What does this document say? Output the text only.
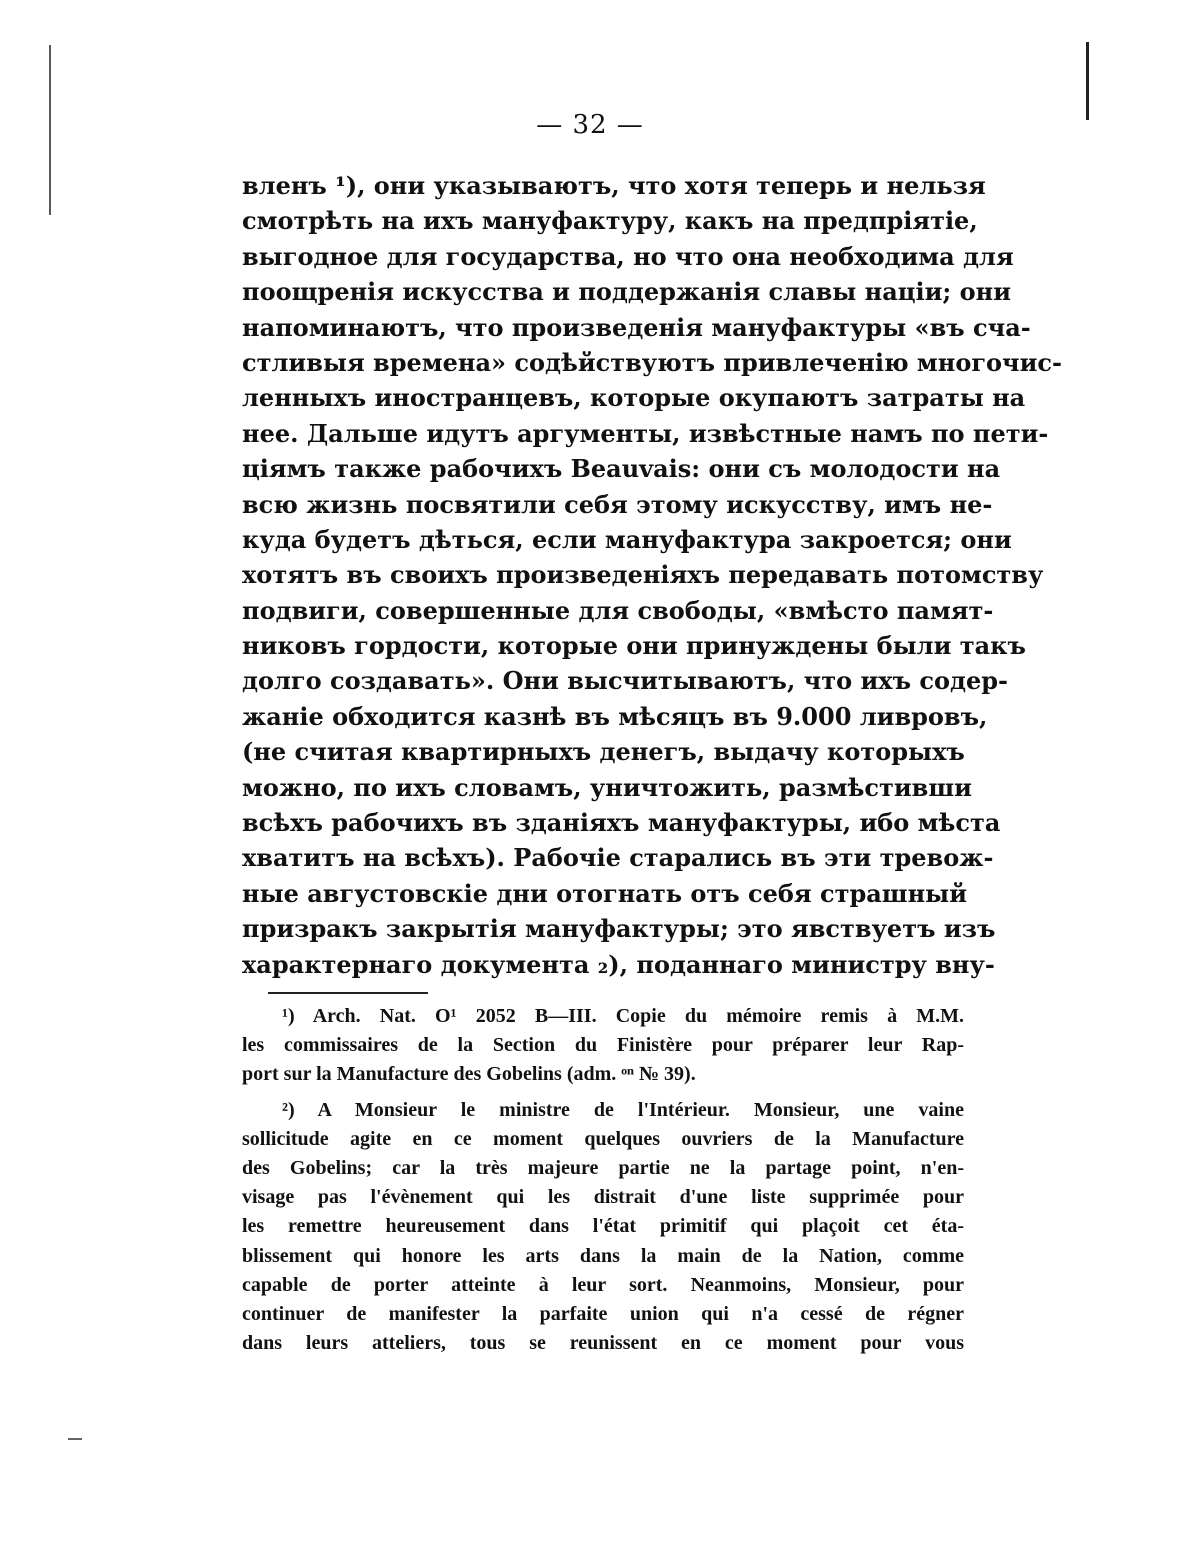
— 32 —
вленъ ¹), они указываютъ, что хотя теперь и нельзя
смотрѣть на ихъ мануфактуру, какъ на предпріятіе,
выгодное для государства, но что она необходима для
поощренія искусства и поддержанія славы націи; они
напоминаютъ, что произведенія мануфактуры «въ сча-
стливыя времена» содѣйствуютъ привлеченію многочис-
ленныхъ иностранцевъ, которые окупаютъ затраты на
нее. Дальше идутъ аргументы, извѣстные намъ по пети-
ціямъ также рабочихъ Beauvais: они съ молодости на
всю жизнь посвятили себя этому искусству, имъ не-
куда будетъ дѣться, если мануфактура закроется; они
хотятъ въ своихъ произведеніяхъ передавать потомству
подвиги, совершенные для свободы, «вмѣсто памят-
никовъ гордости, которые они принуждены были такъ
долго создавать». Они высчитываютъ, что ихъ содер-
жаніе обходится казнѣ въ мѣсяцъ въ 9.000 ливровъ,
(не считая квартирныхъ денегъ, выдачу которыхъ
можно, по ихъ словамъ, уничтожить, размѣстивши
всѣхъ рабочихъ въ зданіяхъ мануфактуры, ибо мѣста
хватитъ на всѣхъ). Рабочіе старались въ эти тревож-
ные августовскіе дни отогнать отъ себя страшный
призракъ закрытія мануфактуры; это явствуетъ изъ
характернаго документа ₂), поданнаго министру вну-
¹) Arch. Nat. O¹ 2052 B—III. Copie du mémoire remis à M.M.
les commissaires de la Section du Finistère pour préparer leur Rap-
port sur la Manufacture des Gobelins (adm. ᵒⁿ № 39).
²) A Monsieur le ministre de l'Intérieur. Monsieur, une vaine
sollicitude agite en ce moment quelques ouvriers de la Manufacture
des Gobelins; car la très majeure partie ne la partage point, n'en-
visage pas l'évènement qui les distrait d'une liste supprimée pour
les remettre heureusement dans l'état primitif qui plaçoit cet éta-
blissement qui honore les arts dans la main de la Nation, comme
capable de porter atteinte à leur sort. Neanmoins, Monsieur, pour
continuer de manifester la parfaite union qui n'a cessé de régner
dans leurs atteliers, tous se reunissent en ce moment pour vous
